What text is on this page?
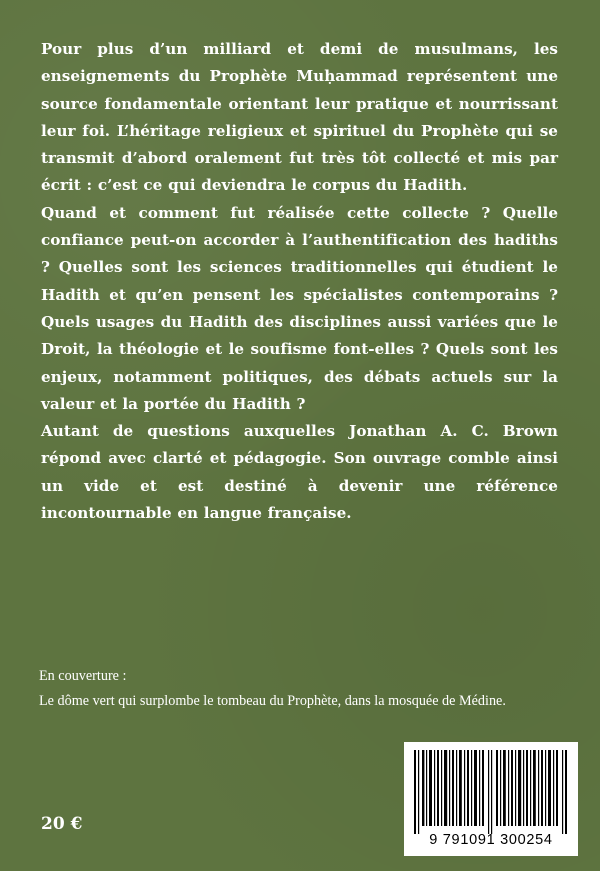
Pour plus d’un milliard et demi de musulmans, les enseignements du Prophète Muḥammad représentent une source fondamentale orientant leur pratique et nourrissant leur foi. L’héritage religieux et spirituel du Prophète qui se transmit d’abord oralement fut très tôt collecté et mis par écrit : c’est ce qui deviendra le corpus du Hadith.

Quand et comment fut réalisée cette collecte ? Quelle confiance peut-on accorder à l’authentification des hadiths ? Quelles sont les sciences traditionnelles qui étudient le Hadith et qu’en pensent les spécialistes contemporains ? Quels usages du Hadith des disciplines aussi variées que le Droit, la théologie et le soufisme font-elles ? Quels sont les enjeux, notamment politiques, des débats actuels sur la valeur et la portée du Hadith ?

Autant de questions auxquelles Jonathan A. C. Brown répond avec clarté et pédagogie. Son ouvrage comble ainsi un vide et est destiné à devenir une référence incontournable en langue française.

En couverture :

Le dôme vert qui surplombe le tombeau du Prophète, dans la mosquée de Médine.

20 €
9 791091 300254
